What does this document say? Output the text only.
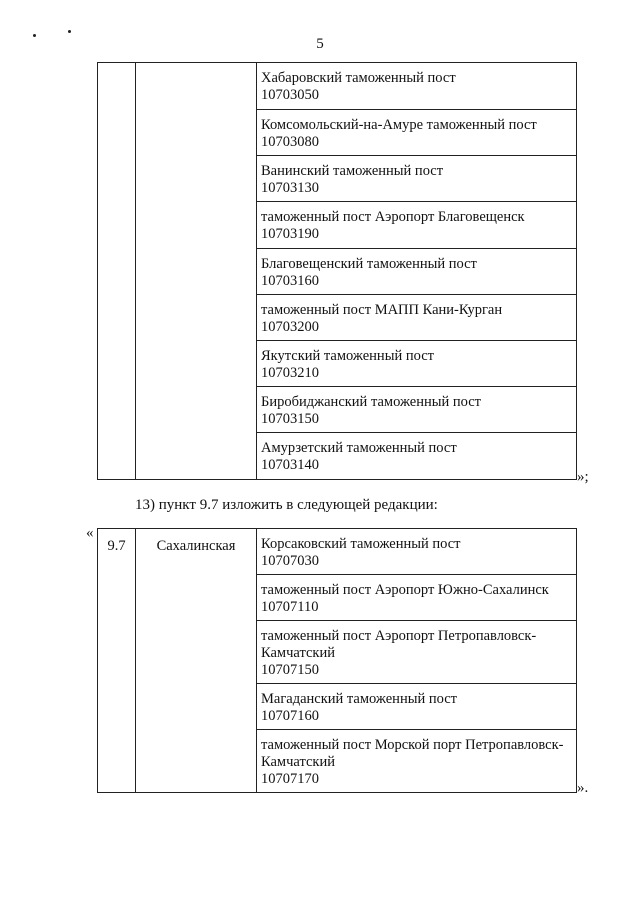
5

Хабаровский таможенный пост
10703050

Комсомольский-на-Амуре таможенный пост
10703080

Ванинский таможенный пост
10703130

таможенный пост Аэропорт Благовещенск
10703190

Благовещенский таможенный пост
10703160

таможенный пост МАПП Кани-Курган
10703200

Якутский таможенный пост
10703210

Биробиджанский таможенный пост
10703150

Амурзетский таможенный пост
10703140
»;
13) пункт 9.7 изложить в следующей редакции:
«
9.7	Сахалинская	Корсаковский таможенный пост
10707030

таможенный пост Аэропорт Южно-Сахалинск
10707110

таможенный пост Аэропорт Петропавловск-Камчатский
10707150

Магаданский таможенный пост
10707160

таможенный пост Морской порт Петропавловск-Камчатский
10707170
».
